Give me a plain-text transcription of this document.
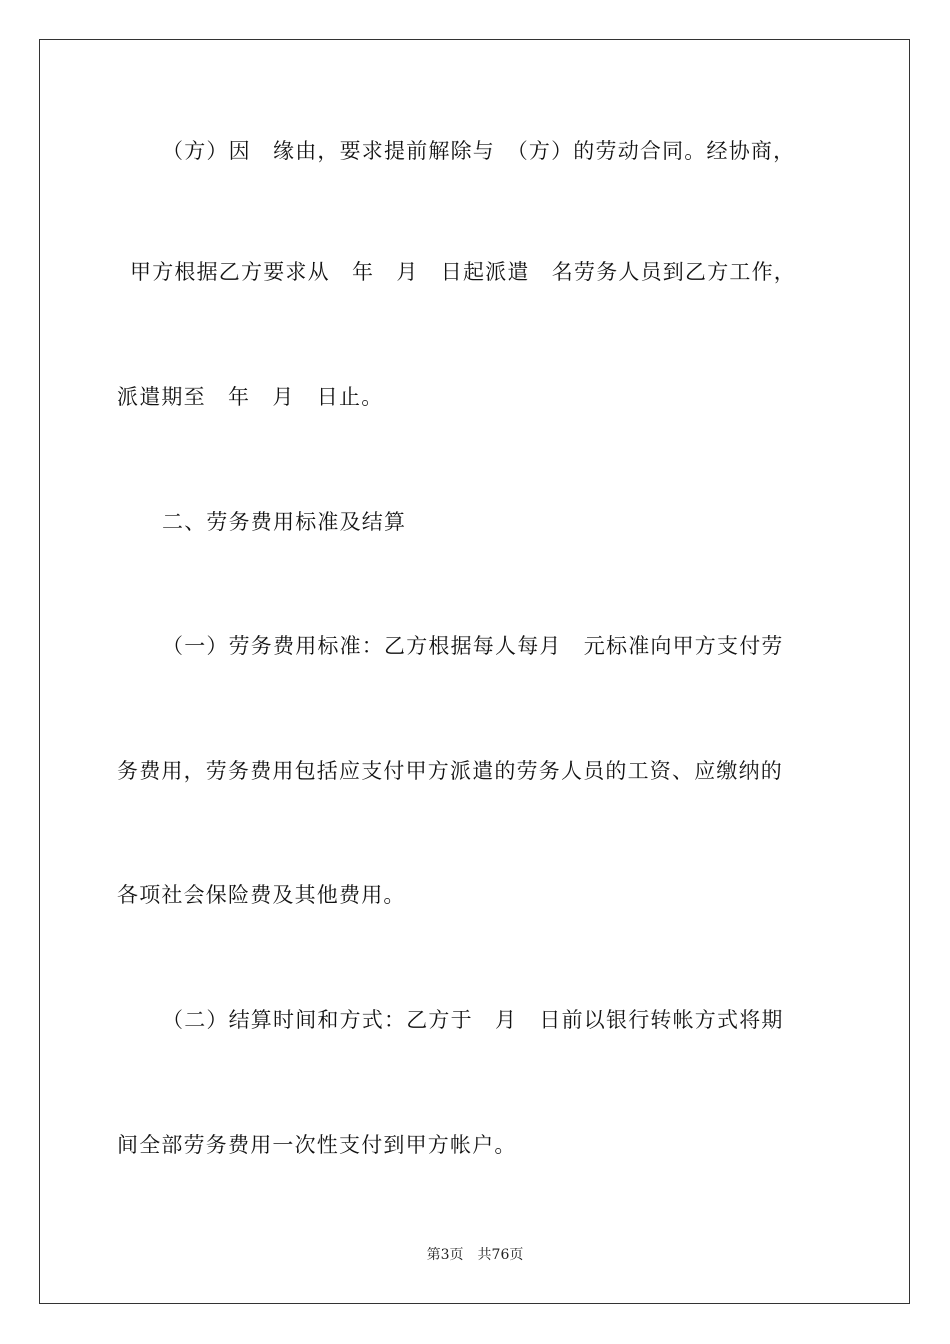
（方）因　缘由，要求提前解除与　（方）的劳动合同。经协商，
甲方根据乙方要求从　年　月　日起派遣　名劳务人员到乙方工作，
派遣期至　年　月　日止。
二、劳务费用标准及结算
（一）劳务费用标准：乙方根据每人每月　元标准向甲方支付劳
务费用，劳务费用包括应支付甲方派遣的劳务人员的工资、应缴纳的
各项社会保险费及其他费用。
（二）结算时间和方式：乙方于　月　日前以银行转帐方式将期
间全部劳务费用一次性支付到甲方帐户。
第3页　共76页
